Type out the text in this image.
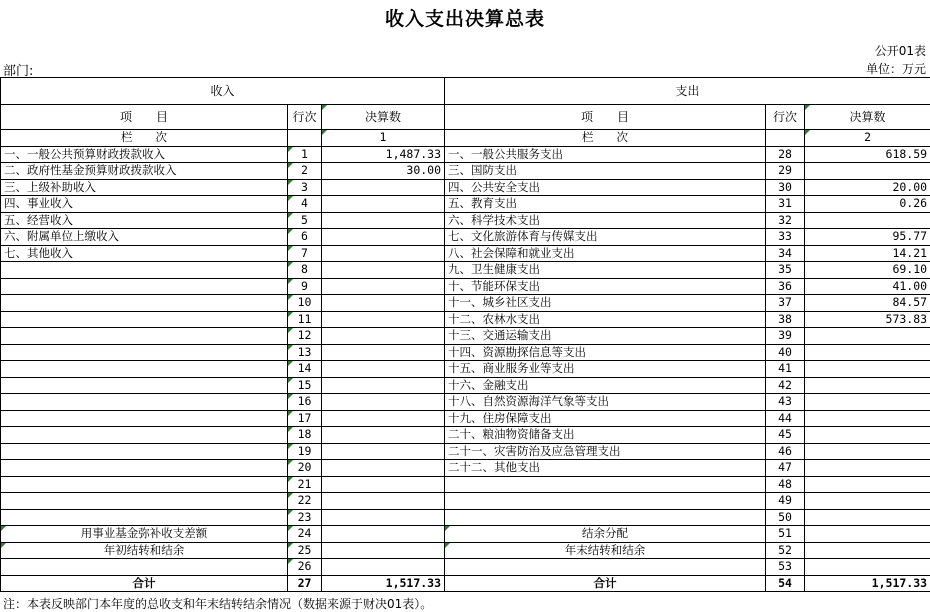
收入支出决算总表
公开01表
部门:	单位：万元
收入			支出		
项　　目	行次	决算数	项　　目	行次	决算数
栏　　次		1	栏　　次		2
一、一般公共预算财政拨款收入	1	1,487.33	一、一般公共服务支出	28	618.59
二、政府性基金预算财政拨款收入	2	30.00	三、国防支出	29	
三、上级补助收入	3		四、公共安全支出	30	20.00
四、事业收入	4		五、教育支出	31	0.26
五、经营收入	5		六、科学技术支出	32	
六、附属单位上缴收入	6		七、文化旅游体育与传媒支出	33	95.77
七、其他收入	7		八、社会保障和就业支出	34	14.21
	8		九、卫生健康支出	35	69.10
	9		十、节能环保支出	36	41.00
	10		十一、城乡社区支出	37	84.57
	11		十二、农林水支出	38	573.83
	12		十三、交通运输支出	39	
	13		十四、资源勘探信息等支出	40	
	14		十五、商业服务业等支出	41	
	15		十六、金融支出	42	
	16		十八、自然资源海洋气象等支出	43	
	17		十九、住房保障支出	44	
	18		二十、粮油物资储备支出	45	
	19		二十一、灾害防治及应急管理支出	46	
	20		二十二、其他支出	47	
	21			48	
	22			49	
	23			50	
用事业基金弥补收支差额	24		结余分配	51	
年初结转和结余	25		年末结转和结余	52	
	26			53	
合计	27	1,517.33	合计	54	1,517.33
注：本表反映部门本年度的总收支和年末结转结余情况（数据来源于财决01表）。
